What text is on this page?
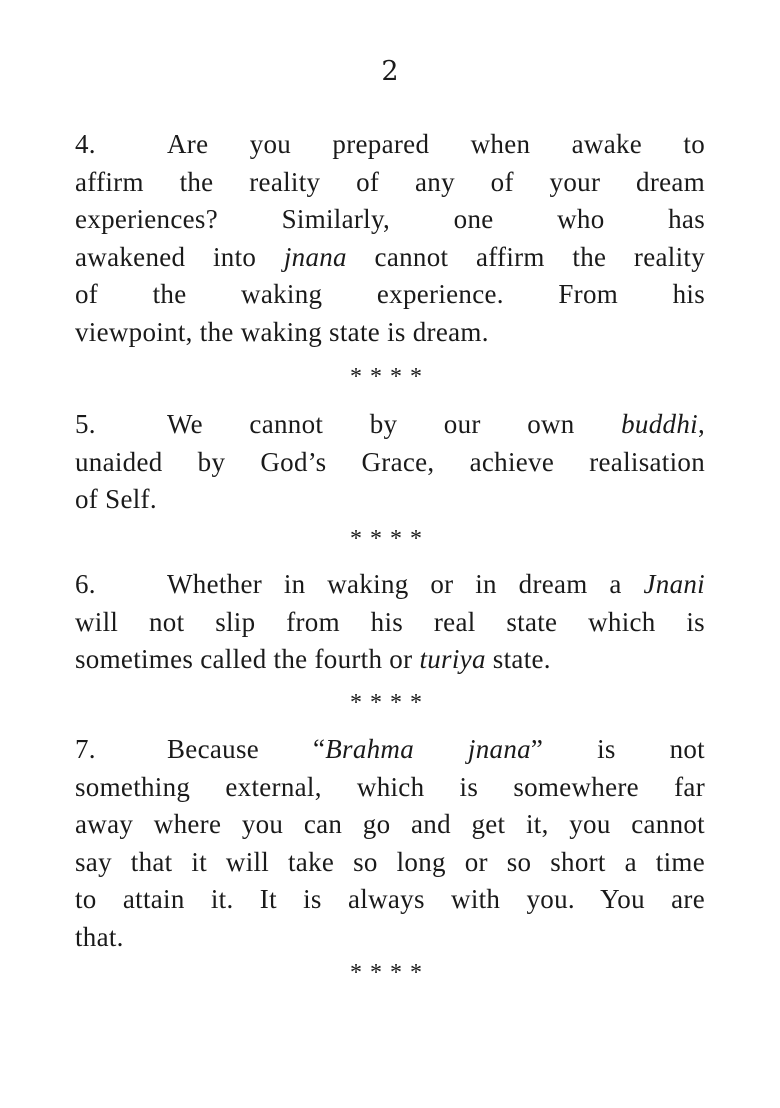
2
4.	Are you prepared when awake to
affirm the reality of any of your dream
experiences? Similarly, one who has
awakened into jnana cannot affirm the reality
of the waking experience. From his
viewpoint, the waking state is dream.
****
5.	We cannot by our own buddhi,
unaided by God’s Grace, achieve realisation
of Self.
****
6.	Whether in waking or in dream a Jnani
will not slip from his real state which is
sometimes called the fourth or turiya state.
****
7.	Because “Brahma jnana” is not
something external, which is somewhere far
away where you can go and get it, you cannot
say that it will take so long or so short a time
to attain it. It is always with you. You are
that.
****
